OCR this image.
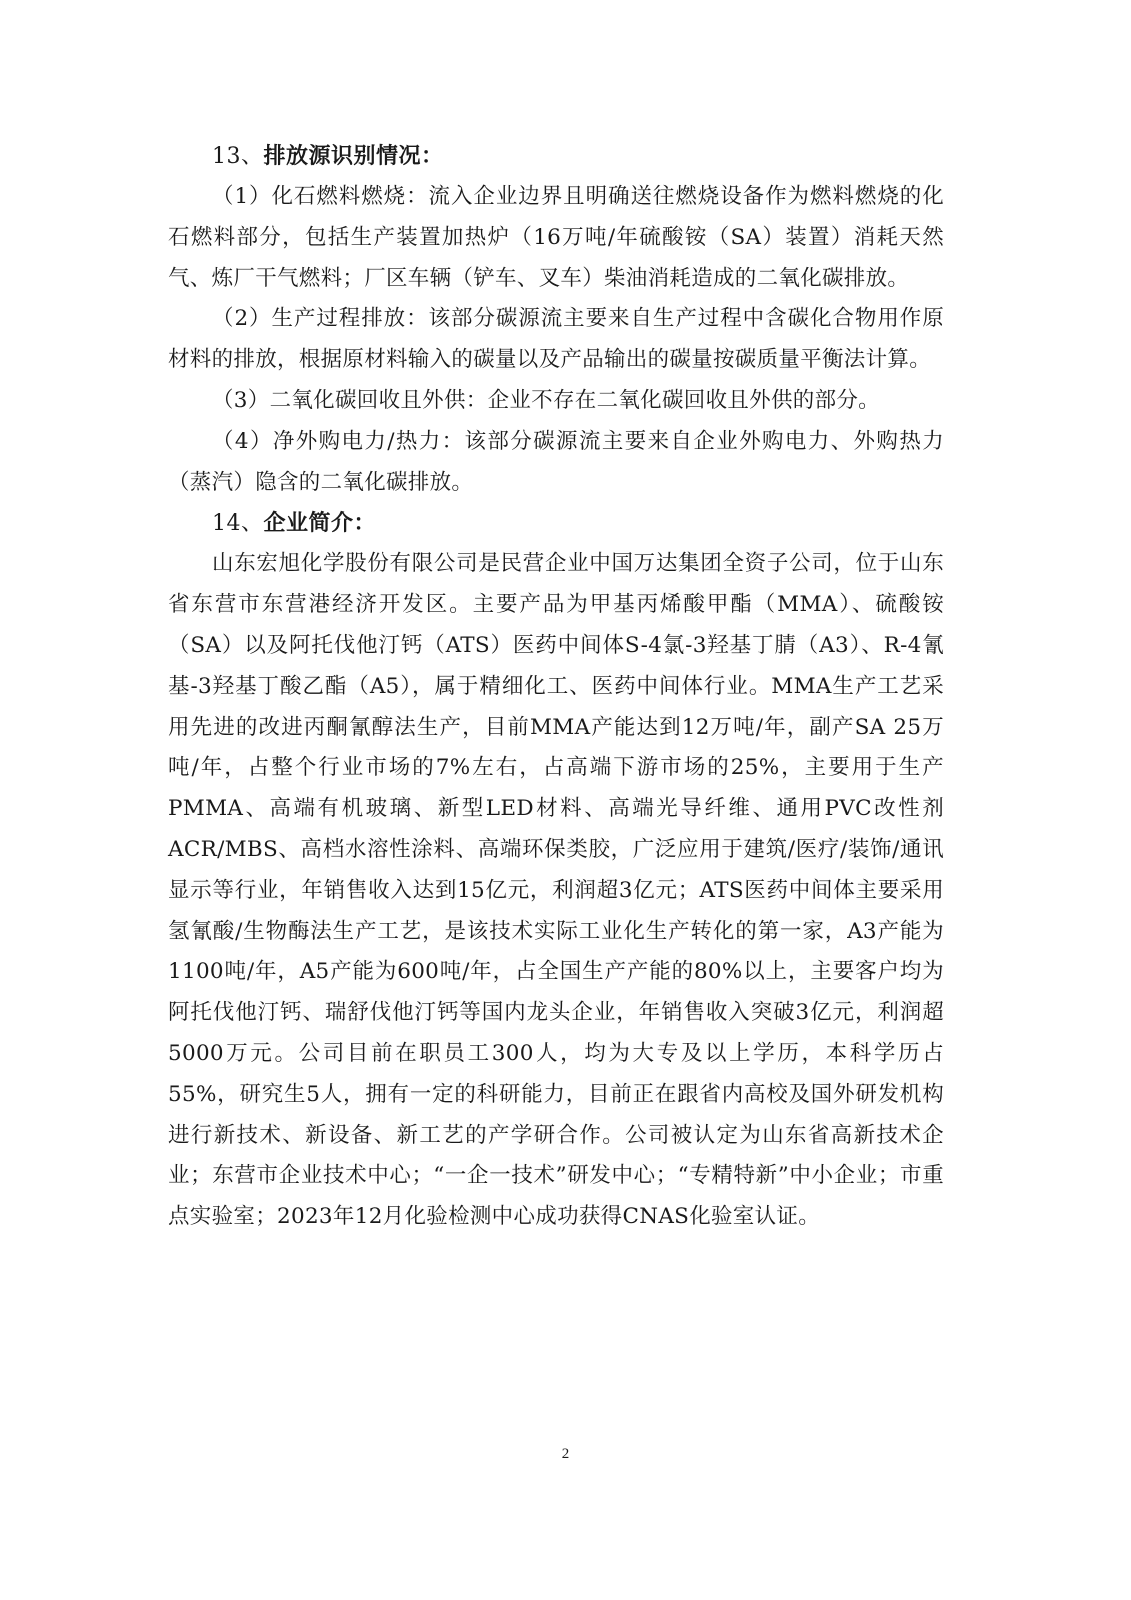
13、排放源识别情况：

（1）化石燃料燃烧：流入企业边界且明确送往燃烧设备作为燃料燃烧的化石燃料部分，包括生产装置加热炉（16万吨/年硫酸铵（SA）装置）消耗天然气、炼厂干气燃料；厂区车辆（铲车、叉车）柴油消耗造成的二氧化碳排放。

（2）生产过程排放：该部分碳源流主要来自生产过程中含碳化合物用作原材料的排放，根据原材料输入的碳量以及产品输出的碳量按碳质量平衡法计算。

（3）二氧化碳回收且外供：企业不存在二氧化碳回收且外供的部分。

（4）净外购电力/热力：该部分碳源流主要来自企业外购电力、外购热力（蒸汽）隐含的二氧化碳排放。

14、企业简介：

山东宏旭化学股份有限公司是民营企业中国万达集团全资子公司，位于山东省东营市东营港经济开发区。主要产品为甲基丙烯酸甲酯（MMA）、硫酸铵（SA）以及阿托伐他汀钙（ATS）医药中间体S-4氯-3羟基丁腈（A3）、R-4氰基-3羟基丁酸乙酯（A5），属于精细化工、医药中间体行业。MMA生产工艺采用先进的改进丙酮氰醇法生产，目前MMA产能达到12万吨/年，副产SA 25万吨/年，占整个行业市场的7%左右，占高端下游市场的25%，主要用于生产PMMA、高端有机玻璃、新型LED材料、高端光导纤维、通用PVC改性剂ACR/MBS、高档水溶性涂料、高端环保类胶，广泛应用于建筑/医疗/装饰/通讯显示等行业，年销售收入达到15亿元，利润超3亿元；ATS医药中间体主要采用氢氰酸/生物酶法生产工艺，是该技术实际工业化生产转化的第一家，A3产能为1100吨/年，A5产能为600吨/年，占全国生产产能的80%以上，主要客户均为阿托伐他汀钙、瑞舒伐他汀钙等国内龙头企业，年销售收入突破3亿元，利润超5000万元。公司目前在职员工300人，均为大专及以上学历，本科学历占55%，研究生5人，拥有一定的科研能力，目前正在跟省内高校及国外研发机构进行新技术、新设备、新工艺的产学研合作。公司被认定为山东省高新技术企业；东营市企业技术中心；“一企一技术”研发中心；“专精特新”中小企业；市重点实验室；2023年12月化验检测中心成功获得CNAS化验室认证。

2
